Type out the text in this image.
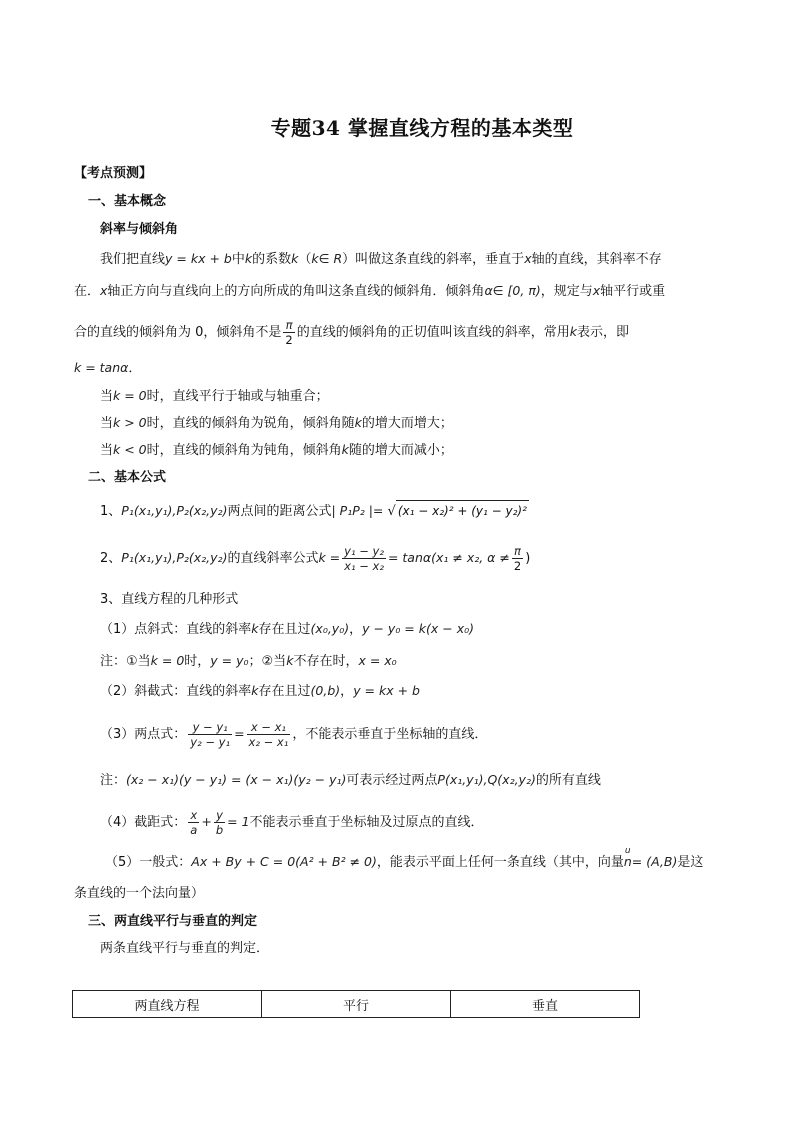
专题34 掌握直线方程的基本类型
【考点预测】
一、基本概念
斜率与倾斜角
我们把直线y = kx + b中k的系数k（k∈ R）叫做这条直线的斜率，垂直于x轴的直线，其斜率不存
在．x轴正方向与直线向上的方向所成的角叫这条直线的倾斜角．倾斜角α∈ [0, π)，规定与x轴平行或重
合的直线的倾斜角为 0，倾斜角不是 $\frac{\pi}{2}$ 的直线的倾斜角的正切值叫该直线的斜率，常用k表示，即
k = tanα．
当k = 0时，直线平行于轴或与轴重合；
当k > 0时，直线的倾斜角为锐角，倾斜角随k的增大而增大；
当k < 0时，直线的倾斜角为钝角，倾斜角k随的增大而减小；
二、基本公式
1、P₁(x₁,y₁),P₂(x₂,y₂)两点间的距离公式| P₁P₂ |= √ (x₁ − x₂)² + (y₁ − y₂)²
2、P₁(x₁,y₁),P₂(x₂,y₂)的直线斜率公式$k = \frac{\text{y₁ − y₂}}{\text{x₁ − x₂}} = \tan\alpha(x_1 \ne x_2$, $\alpha \ne \frac{\pi}{2}$ )
3、直线方程的几种形式
（1）点斜式：直线的斜率k存在且过(x₀,y₀)，y − y₀ = k(x − x₀)
注：①当k = 0时，y = y₀；②当k不存在时，x = x₀
（2）斜截式：直线的斜率k存在且过(0,b)，y = kx + b
（3）两点式： $\frac{\text{y − y₁}}{\text{y₂ − y₁}} = \frac{\text{x − x₁}}{\text{x₂ − x₁}}$ ，不能表示垂直于坐标轴的直线．
注：(x₂ − x₁)(y − y₁) = (x − x₁)(y₂ − y₁)可表示经过两点P(x₁,y₁),Q(x₂,y₂)的所有直线
（4）截距式： $\frac{x}{a} + \frac{y}{b} = 1$不能表示垂直于坐标轴及过原点的直线．
（5）一般式：Ax + By + C = 0(A² + B² ≠ 0)，能表示平面上任何一条直线（其中，向量
u
n= (A,B)是这
条直线的一个法向量）
三、两直线平行与垂直的判定
两条直线平行与垂直的判定．
两直线方程	平行	垂直
